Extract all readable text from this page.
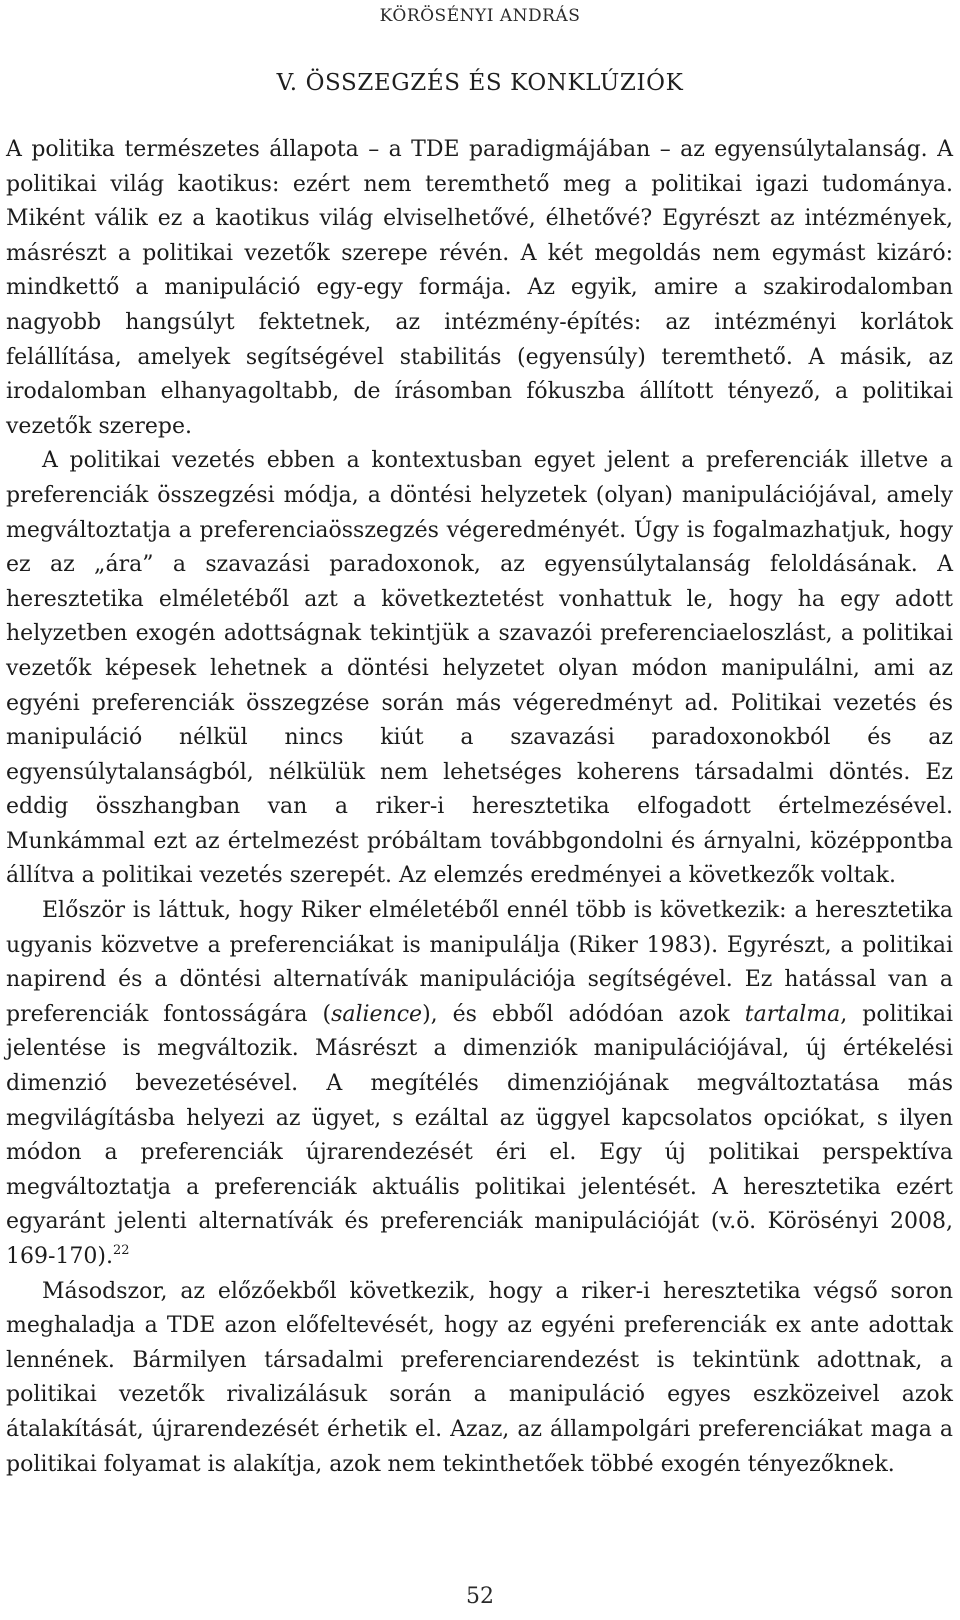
KÖRÖSÉNYI ANDRÁS
V. ÖSSZEGZÉS ÉS KONKLÚZIÓK

A politika természetes állapota – a TDE paradigmájában – az egyensúlytalanság. A politikai világ kaotikus: ezért nem teremthető meg a politikai igazi tudománya. Miként válik ez a kaotikus világ elviselhetővé, élhetővé? Egyrészt az intézmények, másrészt a politikai vezetők szerepe révén. A két megoldás nem egymást kizáró: mindkettő a manipuláció egy-egy formája. Az egyik, amire a szakirodalomban nagyobb hangsúlyt fektetnek, az intézmény-építés: az intézményi korlátok felállítása, amelyek segítségével stabilitás (egyensúly) teremthető. A másik, az irodalomban elhanyagoltabb, de írásomban fókuszba állított tényező, a politikai vezetők szerepe.

A politikai vezetés ebben a kontextusban egyet jelent a preferenciák illetve a preferenciák összegzési módja, a döntési helyzetek (olyan) manipulációjával, amely megváltoztatja a preferenciaösszegzés végeredményét. Úgy is fogalmazhatjuk, hogy ez az „ára” a szavazási paradoxonok, az egyensúlytalanság feloldásának. A heresztetika elméletéből azt a következtetést vonhattuk le, hogy ha egy adott helyzetben exogén adottságnak tekintjük a szavazói preferenciaeloszlást, a politikai vezetők képesek lehetnek a döntési helyzetet olyan módon manipulálni, ami az egyéni preferenciák összegzése során más végeredményt ad. Politikai vezetés és manipuláció nélkül nincs kiút a szavazási paradoxonokból és az egyensúlytalanságból, nélkülük nem lehetséges koherens társadalmi döntés. Ez eddig összhangban van a riker-i heresztetika elfogadott értelmezésével. Munkámmal ezt az értelmezést próbáltam továbbgondolni és árnyalni, középpontba állítva a politikai vezetés szerepét. Az elemzés eredményei a következők voltak.

Először is láttuk, hogy Riker elméletéből ennél több is következik: a heresztetika ugyanis közvetve a preferenciákat is manipulálja (Riker 1983). Egyrészt, a politikai napirend és a döntési alternatívák manipulációja segítségével. Ez hatással van a preferenciák fontosságára (salience), és ebből adódóan azok tartalma, politikai jelentése is megváltozik. Másrészt a dimenziók manipulációjával, új értékelési dimenzió bevezetésével. A megítélés dimenziójának megváltoztatása más megvilágításba helyezi az ügyet, s ezáltal az üggyel kapcsolatos opciókat, s ilyen módon a preferenciák újrarendezését éri el. Egy új politikai perspektíva megváltoztatja a preferenciák aktuális politikai jelentését. A heresztetika ezért egyaránt jelenti alternatívák és preferenciák manipulációját (v.ö. Körösényi 2008, 169-170).$^{22}$

Másodszor, az előzőekből következik, hogy a riker-i heresztetika végső soron meghaladja a TDE azon előfeltevését, hogy az egyéni preferenciák ex ante adottak lennének. Bármilyen társadalmi preferenciarendezést is tekintünk adottnak, a politikai vezetők rivalizálásuk során a manipuláció egyes eszközeivel azok átalakítását, újrarendezését érhetik el. Azaz, az állampolgári preferenciákat maga a politikai folyamat is alakítja, azok nem tekinthetőek többé exogén tényezőknek.

52
